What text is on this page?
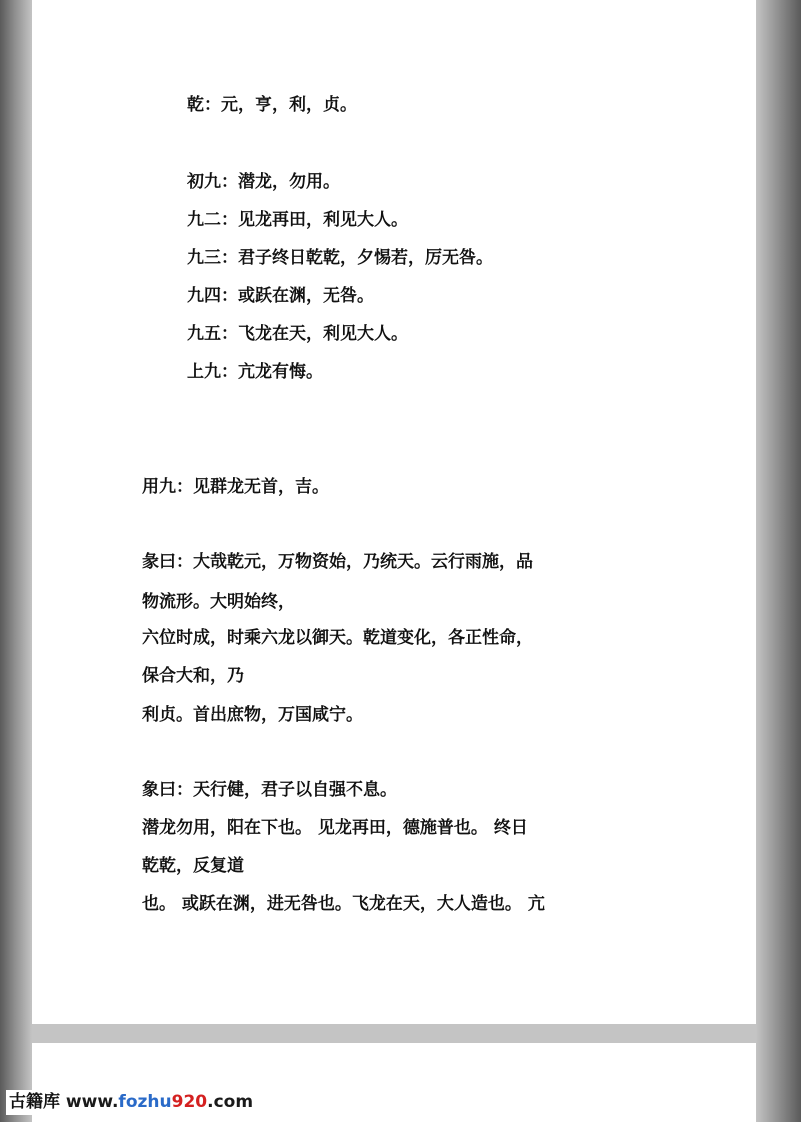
乾：元，亨，利，贞。
初九：潜龙，勿用。
九二：见龙再田，利见大人。
九三：君子终日乾乾，夕惕若，厉无咎。
九四：或跃在渊，无咎。
九五：飞龙在天，利见大人。
上九：亢龙有悔。
用九：见群龙无首，吉。
彖曰：大哉乾元，万物资始，乃统天。云行雨施，品
物流形。大明始终，
六位时成，时乘六龙以御天。乾道变化，各正性命，
保合大和，乃
利贞。首出庶物，万国咸宁。
象曰：天行健，君子以自强不息。
潜龙勿用，阳在下也。 见龙再田，德施普也。 终日
乾乾，反复道
也。 或跃在渊，进无咎也。飞龙在天，大人造也。 亢
古籍库 www.fozhu920.com
